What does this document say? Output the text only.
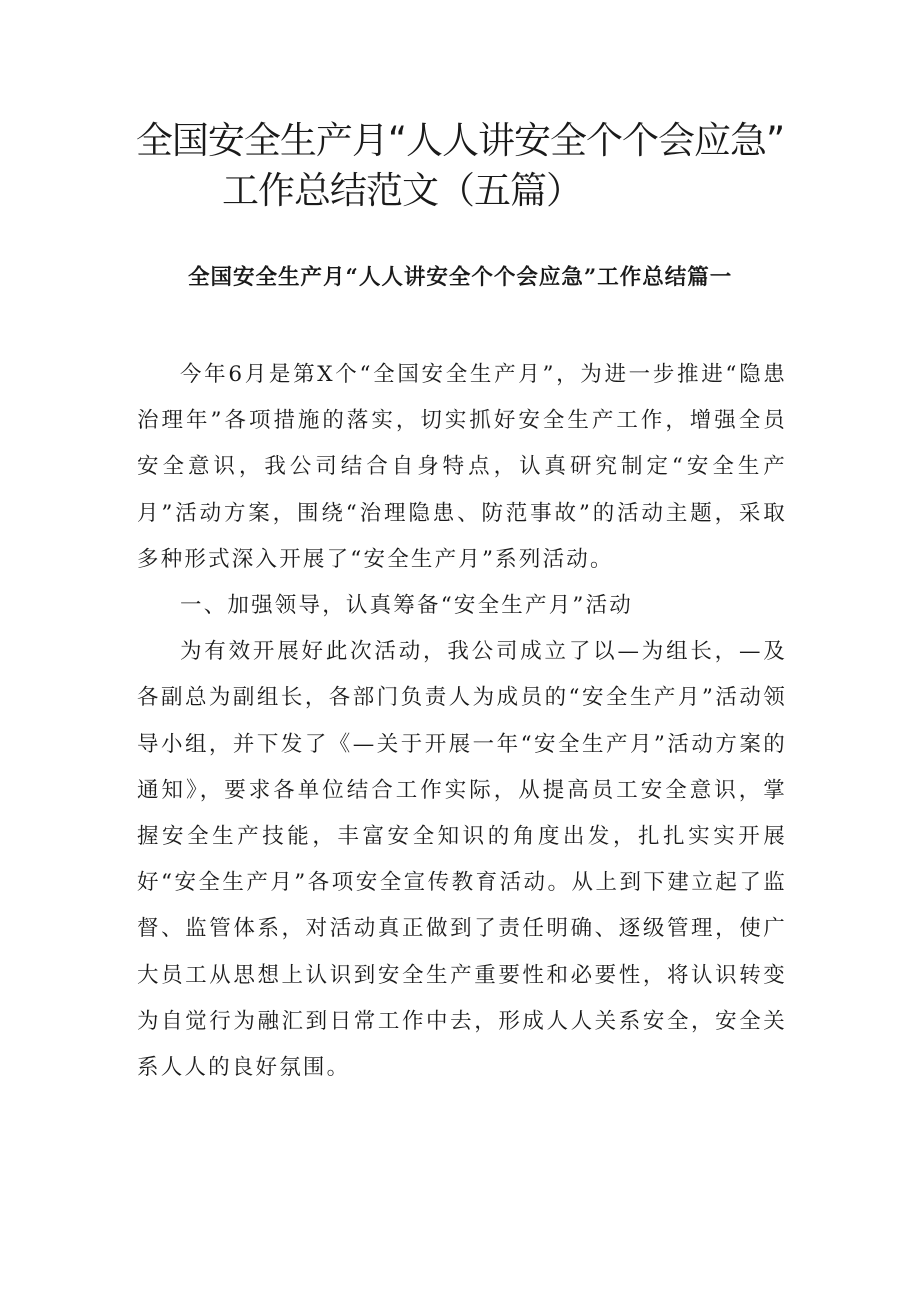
全国安全生产月“人人讲安全个个会应急”
工作总结范文（五篇）
全国安全生产月“人人讲安全个个会应急”工作总结篇一

今年6月是第X个“全国安全生产月”，为进一步推进“隐患治理年”各项措施的落实，切实抓好安全生产工作，增强全员安全意识，我公司结合自身特点，认真研究制定“安全生产月”活动方案，围绕“治理隐患、防范事故”的活动主题，采取多种形式深入开展了“安全生产月”系列活动。

一、加强领导，认真筹备“安全生产月”活动

为有效开展好此次活动，我公司成立了以—为组长，—及各副总为副组长，各部门负责人为成员的“安全生产月”活动领导小组，并下发了《—关于开展一年“安全生产月”活动方案的通知》，要求各单位结合工作实际，从提高员工安全意识，掌握安全生产技能，丰富安全知识的角度出发，扎扎实实开展好“安全生产月”各项安全宣传教育活动。从上到下建立起了监督、监管体系，对活动真正做到了责任明确、逐级管理，使广大员工从思想上认识到安全生产重要性和必要性，将认识转变为自觉行为融汇到日常工作中去，形成人人关系安全，安全关系人人的良好氛围。
